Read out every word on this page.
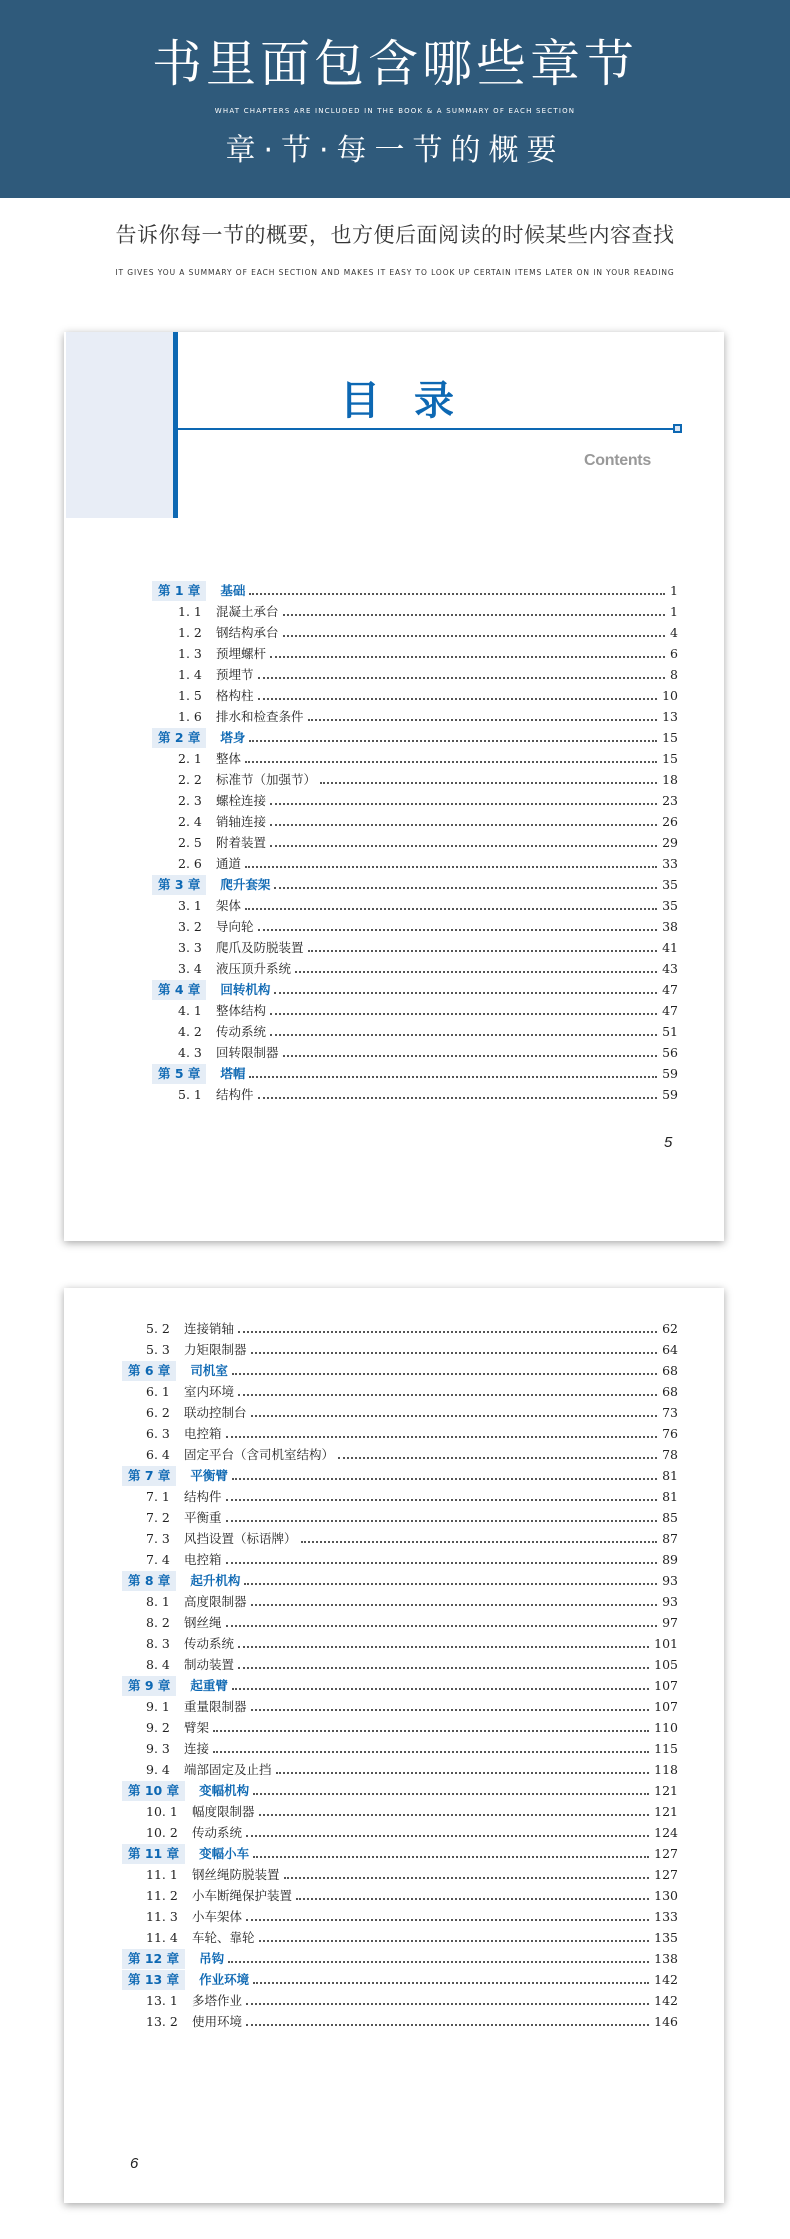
书里面包含哪些章节
WHAT CHAPTERS ARE INCLUDED IN THE BOOK & A SUMMARY OF EACH SECTION
章·节·每一节的概要
告诉你每一节的概要，也方便后面阅读的时候某些内容查找
IT GIVES YOU A SUMMARY OF EACH SECTION AND MAKES IT EASY TO LOOK UP CERTAIN ITEMS LATER ON IN YOUR READING
目录
Contents
第 1 章	基础	1
1. 1	混凝土承台	1
1. 2	钢结构承台	4
1. 3	预埋螺杆	6
1. 4	预埋节	8
1. 5	格构柱	10
1. 6	排水和检查条件	13
第 2 章	塔身	15
2. 1	整体	15
2. 2	标准节（加强节）	18
2. 3	螺栓连接	23
2. 4	销轴连接	26
2. 5	附着装置	29
2. 6	通道	33
第 3 章	爬升套架	35
3. 1	架体	35
3. 2	导向轮	38
3. 3	爬爪及防脱装置	41
3. 4	液压顶升系统	43
第 4 章	回转机构	47
4. 1	整体结构	47
4. 2	传动系统	51
4. 3	回转限制器	56
第 5 章	塔帽	59
5. 1	结构件	59
5
5. 2	连接销轴	62
5. 3	力矩限制器	64
第 6 章	司机室	68
6. 1	室内环境	68
6. 2	联动控制台	73
6. 3	电控箱	76
6. 4	固定平台（含司机室结构）	78
第 7 章	平衡臂	81
7. 1	结构件	81
7. 2	平衡重	85
7. 3	风挡设置（标语牌）	87
7. 4	电控箱	89
第 8 章	起升机构	93
8. 1	高度限制器	93
8. 2	钢丝绳	97
8. 3	传动系统	101
8. 4	制动装置	105
第 9 章	起重臂	107
9. 1	重量限制器	107
9. 2	臂架	110
9. 3	连接	115
9. 4	端部固定及止挡	118
第 10 章	变幅机构	121
10. 1	幅度限制器	121
10. 2	传动系统	124
第 11 章	变幅小车	127
11. 1	钢丝绳防脱装置	127
11. 2	小车断绳保护装置	130
11. 3	小车架体	133
11. 4	车轮、靠轮	135
第 12 章	吊钩	138
第 13 章	作业环境	142
13. 1	多塔作业	142
13. 2	使用环境	146
6
